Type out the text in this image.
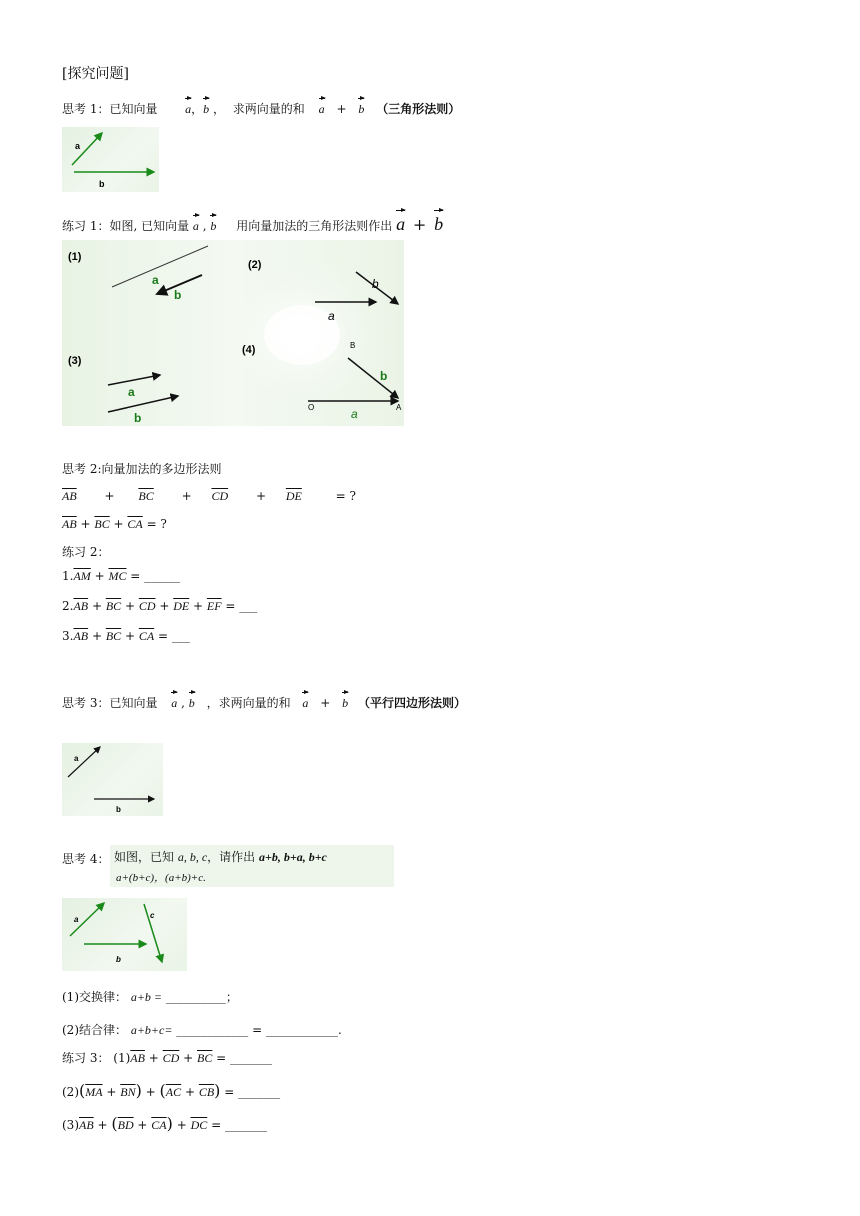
[探究问题]
思考 1：已知向量 a，b ， 求两向量的和 a + b （三角形法则）
a
b
练习 1：如图, 已知向量 a , b 用向量加法的三角形法则作出 a + b
(1)
a
b
(2)
a
b
(3)
a
b
(4)	B
O	A
a
b
思考 2:向量加法的多边形法则
$\overline{AB} + \overline{BC} + \overline{CD} + \overline{DE}$	= ?
$\overline{AB} + \overline{BC} + \overline{CA}$ = ?
练习 2：
$1.\overline{AM} + \overline{MC}$ = ______
$2.\overline{AB} + \overline{BC} + \overline{CD} + \overline{DE} + \overline{EF}$ = ___
$3.\overline{AB} + \overline{BC} + \overline{CA}$ = ___
思考 3：已知向量 a , b ，求两向量的和 a + b （平行四边形法则）
a
b
思考 4： 如图，已知 a, b, c，请作出 a+b, b+a, b+c
a+(b+c)，(a+b)+c.
a
b
c
(1)交换律： a+b = __________；
(2)结合律： a+b+c= ____________ = ____________.
练习 3： $(1)\overline{AB} + \overline{CD} + \overline{BC}$ = _______
$(2)(\overline{MA} + \overline{BN}) + (\overline{AC} + \overline{CB})$ = _______
$(3)\overline{AB} + (\overline{BD} + \overline{CA}) + \overline{DC}$ = _______
